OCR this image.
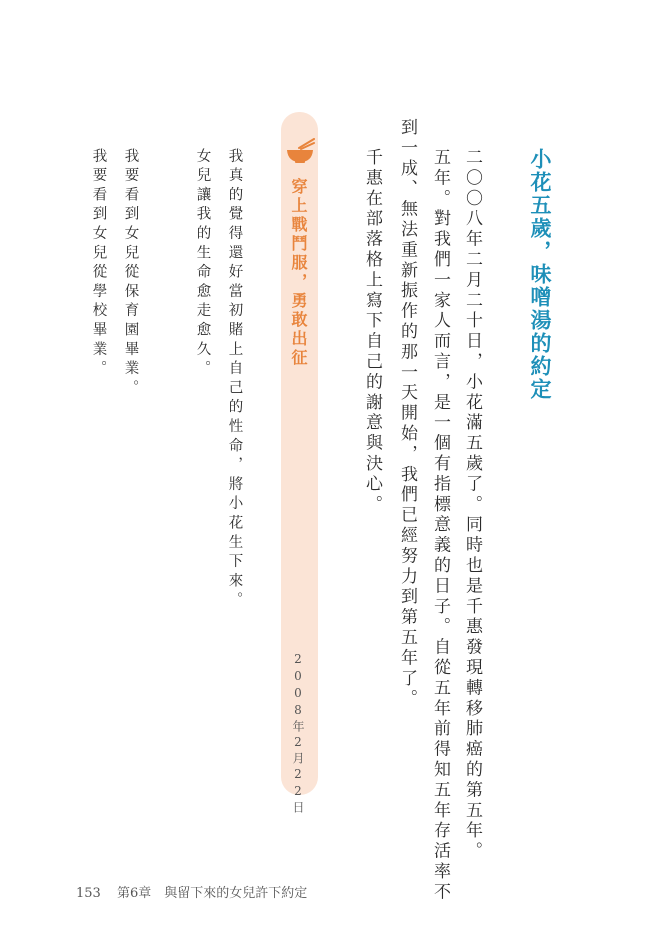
小花五歲，味噌湯的約定

二〇〇八年二月二十日，小花滿五歲了。同時也是千惠發現轉移肺癌的第五年。

五年。對我們一家人而言，是一個有指標意義的日子。自從五年前得知五年存活率不

到一成、無法重新振作的那一天開始，我們已經努力到第五年了。

千惠在部落格上寫下自己的謝意與決心。

穿上戰鬥服，勇敢出征
2008年2月22日

我真的覺得還好當初賭上自己的性命，將小花生下來。

女兒讓我的生命愈走愈久。

我要看到女兒從保育園畢業。

我要看到女兒從學校畢業。

153 第6章　與留下來的女兒許下約定
